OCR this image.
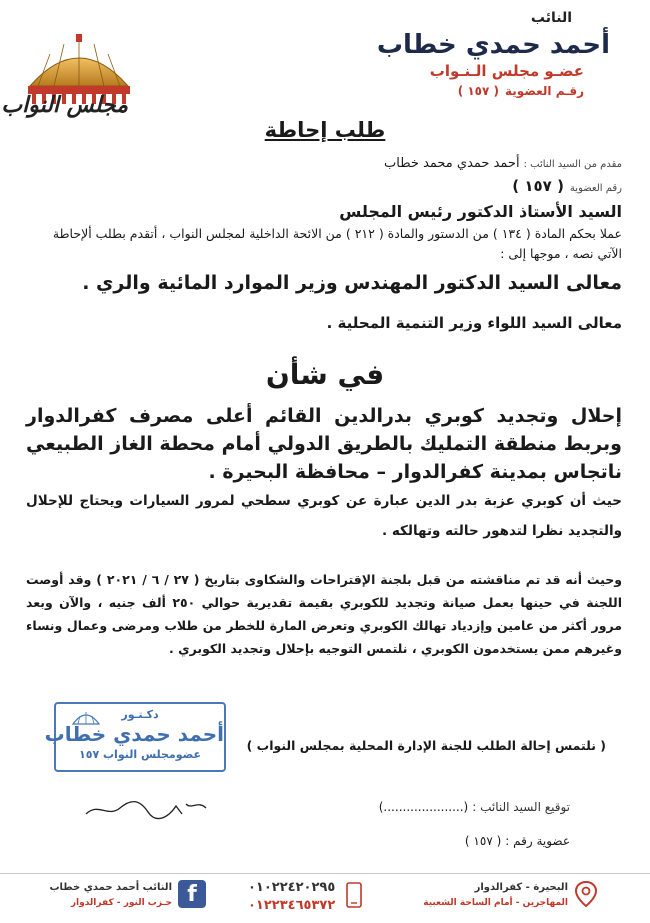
النائب
أحمد حمدي خطاب
عضـو مجلس الـنـواب
رقـم العضوية( ١٥٧ )
مجلس النواب
طلب إحاطة
مقدم من السيد النائب :أحمد حمدي محمد خطاب
رقم العضوية( ١٥٧ )
السيد الأستاذ الدكتور رئيس المجلس
عملا بحكم المادة ( ١٣٤ ) من الدستور والمادة ( ٢١٢ ) من الائحة الداخلية لمجلس النواب ، أتقدم بطلب ألإحاطة الآتي نصه ، موجها إلى :
معالى السيد الدكتور المهندس وزير الموارد المائية والري .
معالى السيد اللواء وزير التنمية المحلية .
في شأن
إحلال وتجديد كوبري بدرالدين القائم أعلى مصرف كفرالدوار وبربط منطقة التمليك بالطريق الدولي أمام محطة الغاز الطبيعي ناتجاس بمدينة كفرالدوار – محافظة البحيرة .
حيث أن كوبري عزبة بدر الدين عبارة عن كوبري سطحي لمرور السيارات ويحتاج للإحلال والتجديد نظرا لتدهور حالته وتهالكه .
وحيث أنه قد تم مناقشته من قبل بلجنة الإقتراحات والشكاوى بتاريخ ( ٢٧ / ٦ / ٢٠٢١ ) وقد أوصت اللجنة في حينها بعمل صيانة وتجديد للكوبري بقيمة تقديرية حوالي ٢٥٠ ألف جنيه ، والآن وبعد مرور أكثر من عامين وإزدياد تهالك الكوبري وتعرض المارة للخطر من طلاب ومرضى وعمال ونساء وغيرهم ممن يستخدمون الكوبري ، نلتمس التوجيه بإحلال وتجديد الكوبري .
دكـتـور
أحمد حمدي خطاب
عضومجلس النواب ١٥٧
( نلتمس إحالة الطلب للجنة الإدارة المحلية بمجلس النواب )
توقيع السيد النائب :(.....................)
عضوية رقم :( ١٥٧ )
البحيرة - كفرالدوار
المهاجرين - أمام الساحة الشعبية
٠١٠٢٢٤٢٠٢٩٥
٠١٢٢٣٤٦٥٣٧٢
f
النائب أحمد حمدي خطاب
حـزب النور - كفرالدوار
